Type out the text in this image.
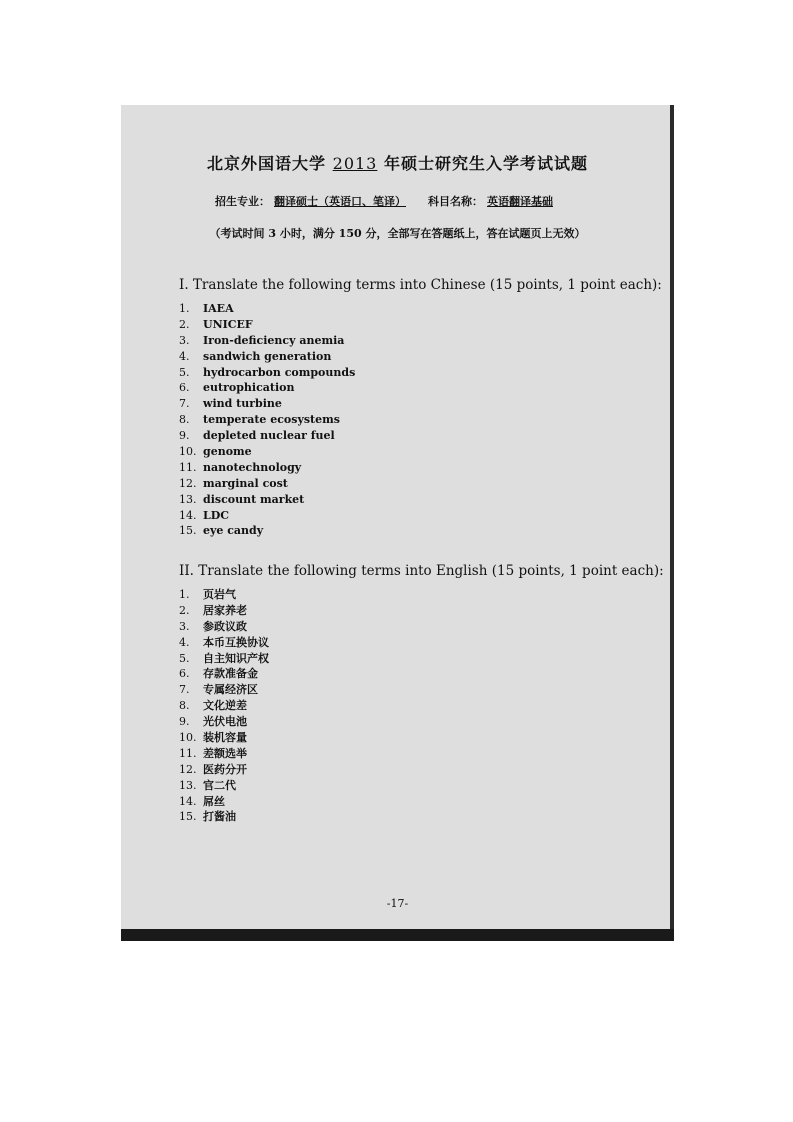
北京外国语大学 2013 年硕士研究生入学考试试题
招生专业： 翻译硕士（英语口、笔译） 科目名称： 英语翻译基础
（考试时间 3 小时，满分 150 分，全部写在答题纸上，答在试题页上无效）
I. Translate the following terms into Chinese (15 points, 1 point each):
1. IAEA
2. UNICEF
3. Iron-deficiency anemia
4. sandwich generation
5. hydrocarbon compounds
6. eutrophication
7. wind turbine
8. temperate ecosystems
9. depleted nuclear fuel
10. genome
11. nanotechnology
12. marginal cost
13. discount market
14. LDC
15. eye candy
II. Translate the following terms into English (15 points, 1 point each):
1. 页岩气
2. 居家养老
3. 参政议政
4. 本币互换协议
5. 自主知识产权
6. 存款准备金
7. 专属经济区
8. 文化逆差
9. 光伏电池
10. 装机容量
11. 差额选举
12. 医药分开
13. 官二代
14. 屌丝
15. 打酱油
-17-
